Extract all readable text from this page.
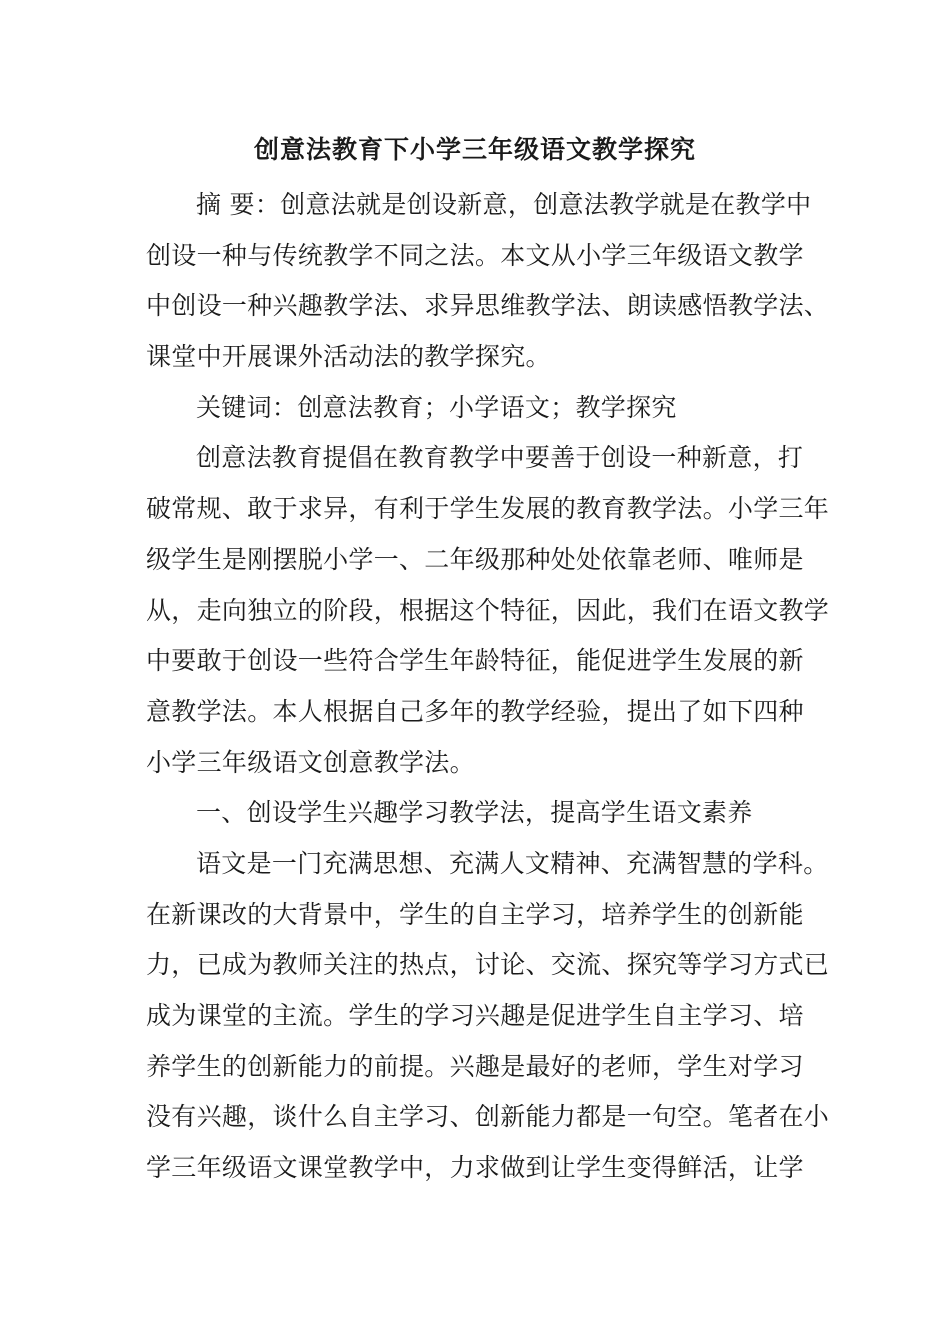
创意法教育下小学三年级语文教学探究
摘 要：创意法就是创设新意，创意法教学就是在教学中
创设一种与传统教学不同之法。本文从小学三年级语文教学
中创设一种兴趣教学法、求异思维教学法、朗读感悟教学法、
课堂中开展课外活动法的教学探究。
关键词：创意法教育；小学语文；教学探究
创意法教育提倡在教育教学中要善于创设一种新意，打
破常规、敢于求异，有利于学生发展的教育教学法。小学三年
级学生是刚摆脱小学一、二年级那种处处依靠老师、唯师是
从，走向独立的阶段，根据这个特征，因此，我们在语文教学
中要敢于创设一些符合学生年龄特征，能促进学生发展的新
意教学法。本人根据自己多年的教学经验，提出了如下四种
小学三年级语文创意教学法。
一、创设学生兴趣学习教学法，提高学生语文素养
语文是一门充满思想、充满人文精神、充满智慧的学科。
在新课改的大背景中，学生的自主学习，培养学生的创新能
力，已成为教师关注的热点，讨论、交流、探究等学习方式已
成为课堂的主流。学生的学习兴趣是促进学生自主学习、培
养学生的创新能力的前提。兴趣是最好的老师，学生对学习
没有兴趣，谈什么自主学习、创新能力都是一句空。笔者在小
学三年级语文课堂教学中，力求做到让学生变得鲜活，让学
